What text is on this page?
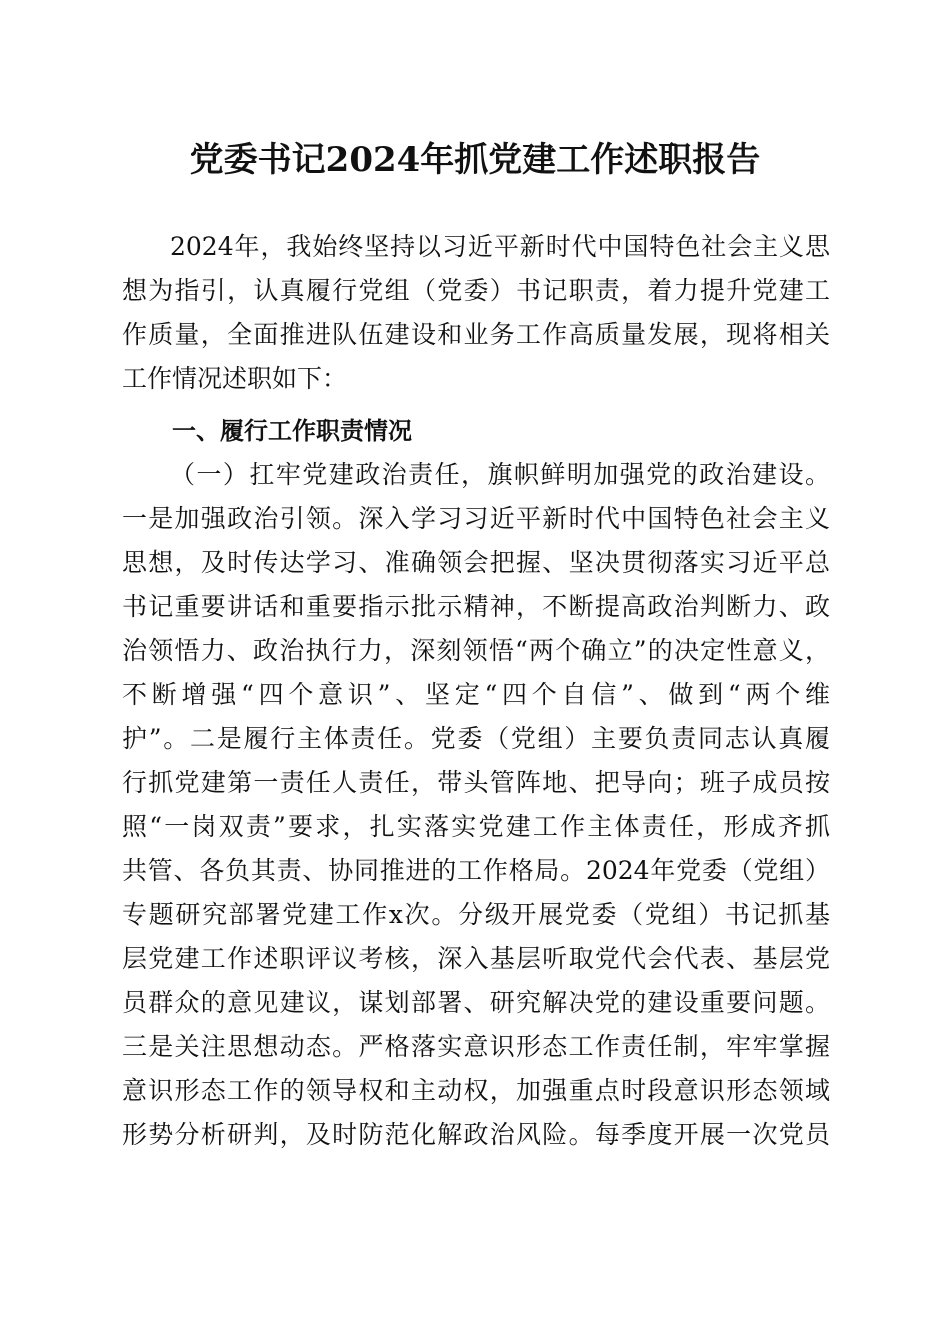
党委书记2024年抓党建工作述职报告
2024年，我始终坚持以习近平新时代中国特色社会主义思
想为指引，认真履行党组（党委）书记职责，着力提升党建工
作质量，全面推进队伍建设和业务工作高质量发展，现将相关
工作情况述职如下：
一、履行工作职责情况
（一）扛牢党建政治责任，旗帜鲜明加强党的政治建设。
一是加强政治引领。深入学习习近平新时代中国特色社会主义
思想，及时传达学习、准确领会把握、坚决贯彻落实习近平总
书记重要讲话和重要指示批示精神，不断提高政治判断力、政
治领悟力、政治执行力，深刻领悟“两个确立”的决定性意义，
不断增强“四个意识”、坚定“四个自信”、做到“两个维
护”。二是履行主体责任。党委（党组）主要负责同志认真履
行抓党建第一责任人责任，带头管阵地、把导向；班子成员按
照“一岗双责”要求，扎实落实党建工作主体责任，形成齐抓
共管、各负其责、协同推进的工作格局。2024年党委（党组）
专题研究部署党建工作x次。分级开展党委（党组）书记抓基
层党建工作述职评议考核，深入基层听取党代会代表、基层党
员群众的意见建议，谋划部署、研究解决党的建设重要问题。
三是关注思想动态。严格落实意识形态工作责任制，牢牢掌握
意识形态工作的领导权和主动权，加强重点时段意识形态领域
形势分析研判，及时防范化解政治风险。每季度开展一次党员
